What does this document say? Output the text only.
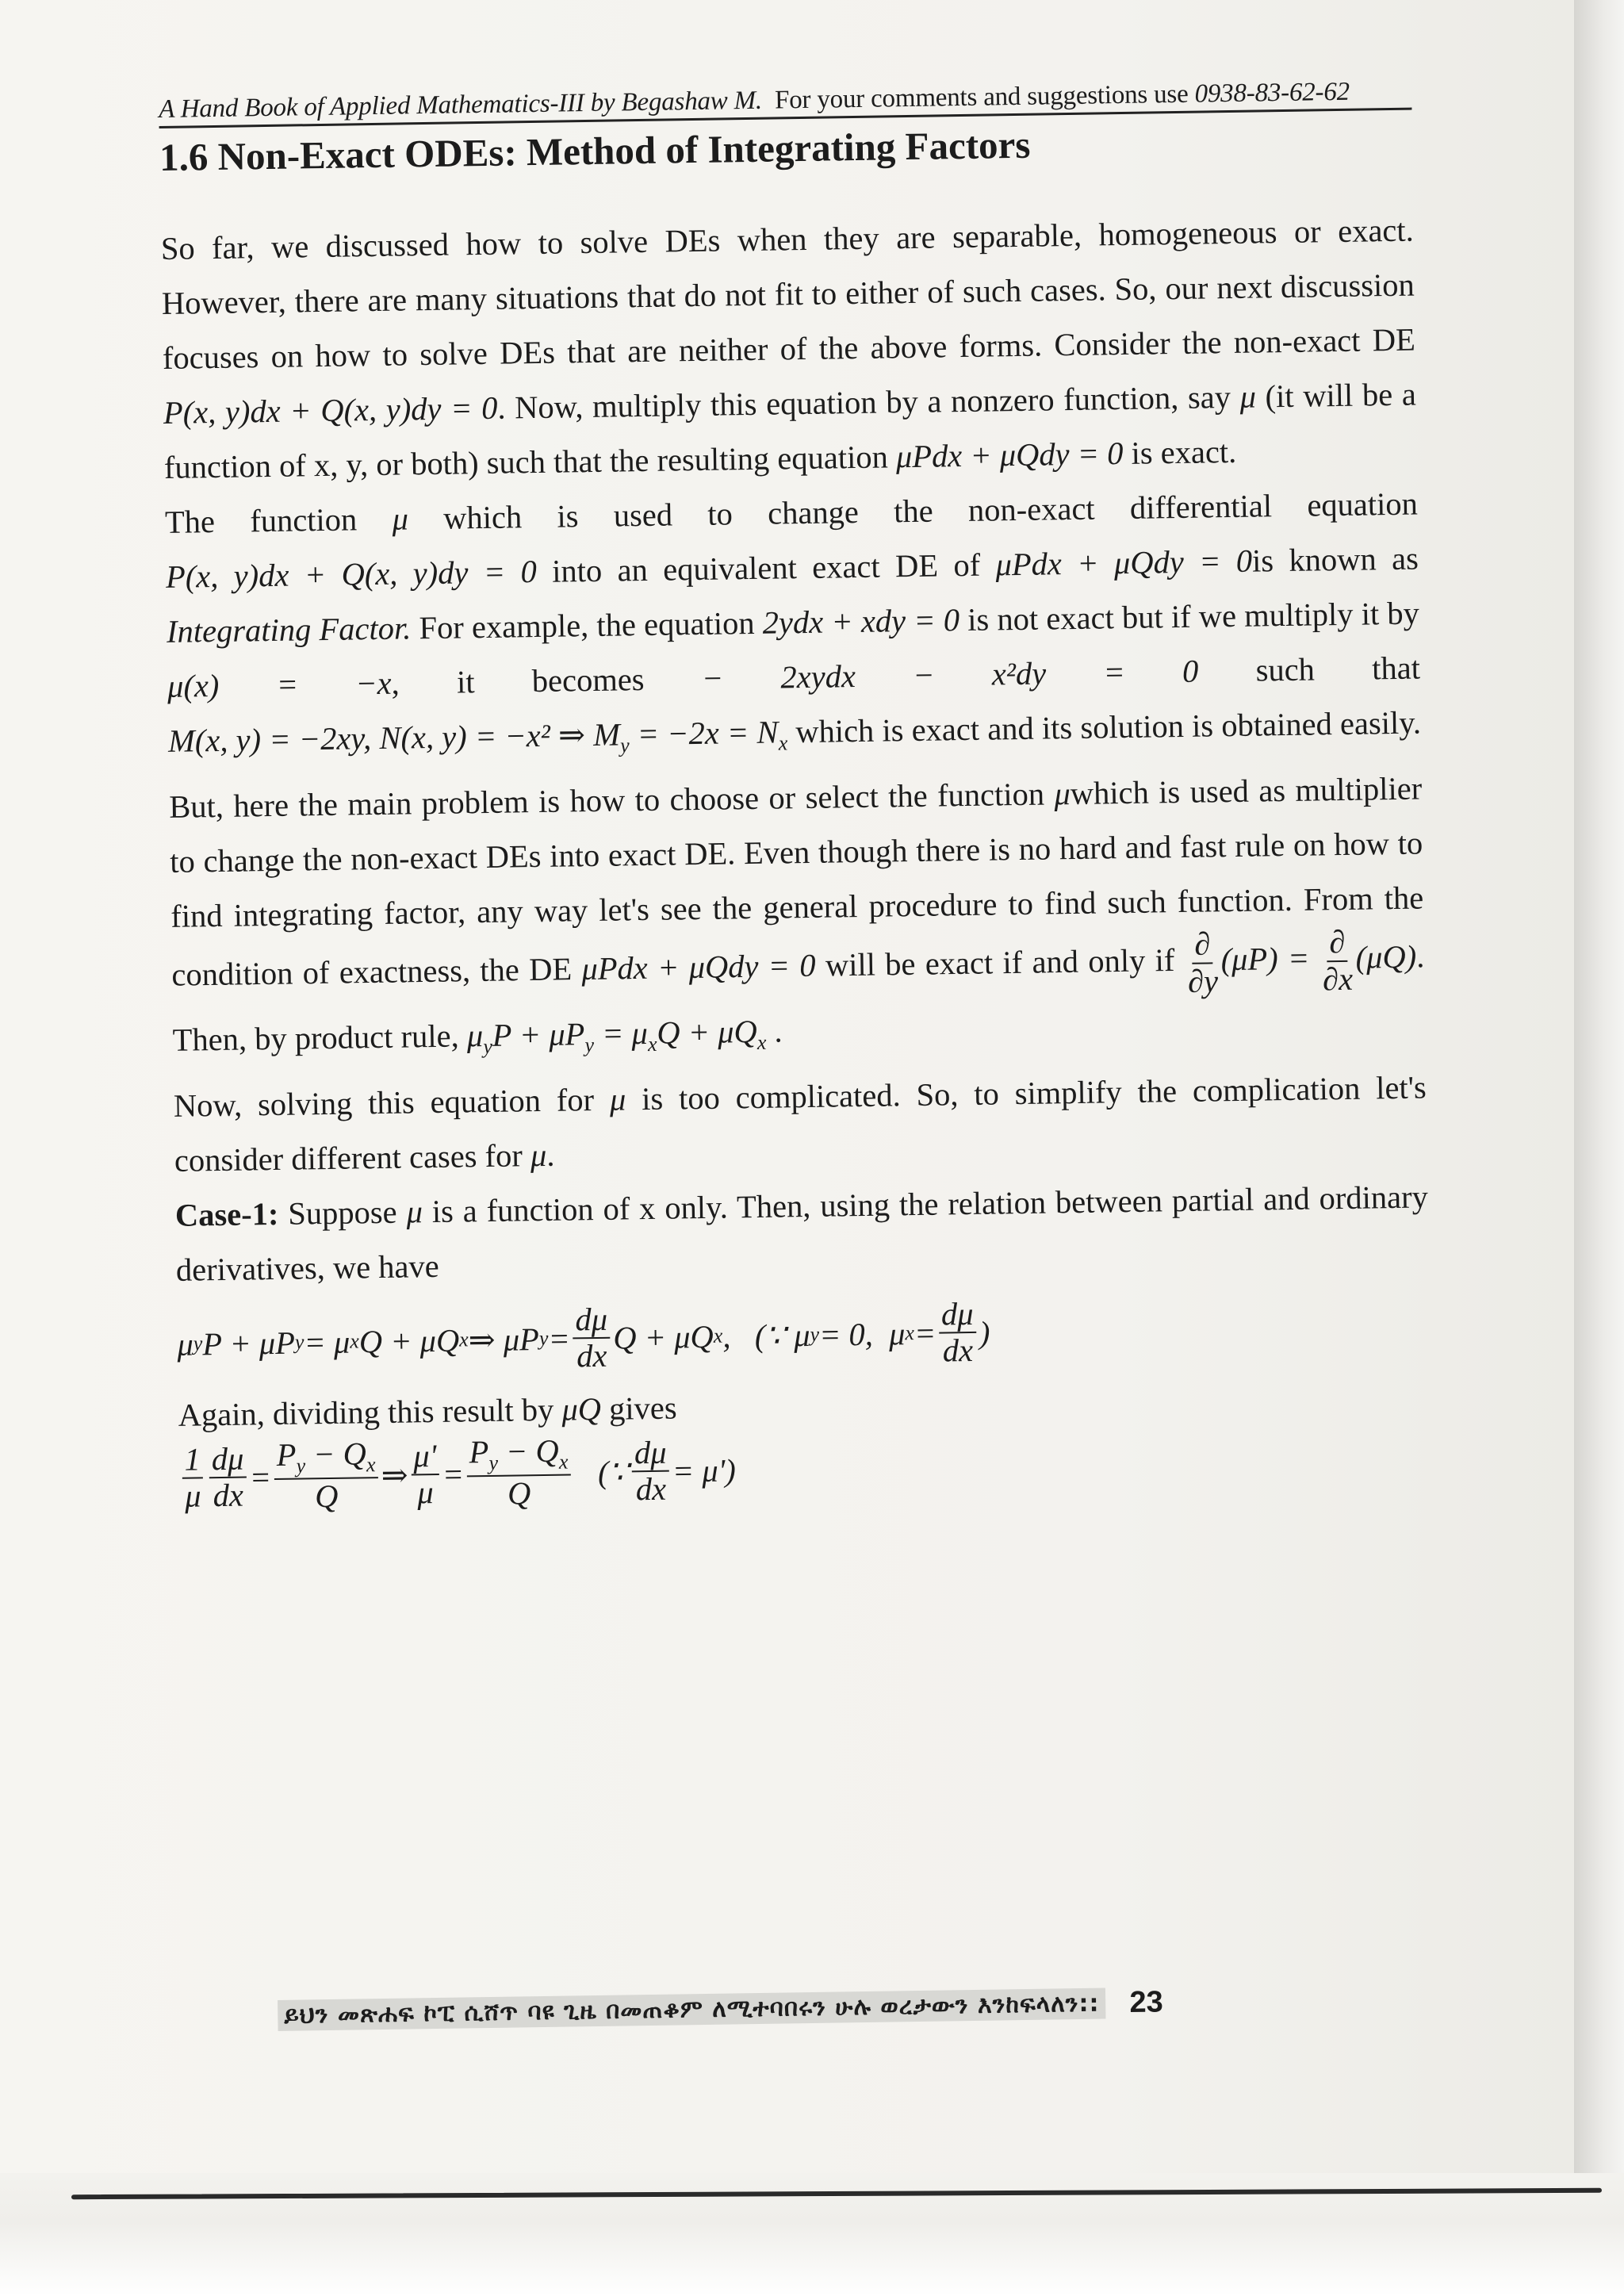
A Hand Book of Applied Mathematics-III by Begashaw M. For your comments and suggestions use 0938-83-62-62
1.6 Non-Exact ODEs: Method of Integrating Factors

So far, we discussed how to solve DEs when they are separable, homogeneous or exact. However, there are many situations that do not fit to either of such cases. So, our next discussion focuses on how to solve DEs that are neither of the above forms. Consider the non-exact DE P(x, y)dx + Q(x, y)dy = 0. Now, multiply this equation by a nonzero function, say μ (it will be a function of x, y, or both) such that the resulting equation μPdx + μQdy = 0 is exact.

The function μ which is used to change the non-exact differential equation P(x, y)dx + Q(x, y)dy = 0 into an equivalent exact DE of μPdx + μQdy = 0is known as Integrating Factor. For example, the equation 2ydx + xdy = 0 is not exact but if we multiply it by μ(x) = −x, it becomes − 2xydx − x²dy = 0 such that M(x, y) = −2xy, N(x, y) = −x² ⇒ $M_y = -2x = N_x$ which is exact and its solution is obtained easily. But, here the main problem is how to choose or select the function μwhich is used as multiplier to change the non-exact DEs into exact DE. Even though there is no hard and fast rule on how to find integrating factor, any way let's see the general procedure to find such function. From the condition of exactness, the DE μPdx + μQdy = 0 will be exact if and only if $\frac{\partial}{\partial y} (\mu P) = \frac{\partial}{\partial x} (\mu Q)$. Then, by product rule, $\mu_yP + \mu P_y = \mu_xQ + \mu Q_x$ .

Now, solving this equation for μ is too complicated. So, to simplify the complication let's consider different cases for μ.

Case-1: Suppose μ is a function of x only. Then, using the relation between partial and ordinary derivatives, we have

μ y P + μP y = μ x Q + μQ x ⇒ μP $y = \frac{d\mu}{dx}$ Q + μQ x ,   (∵ μ y = 0,  μ $x = \frac{d\mu}{dx}$ )

Again, dividing this result by μQ gives

$\frac{1}{\mu} \frac{d\mu}{dx} = \frac{P_y - Q_x}{Q}$ ⇒ $\frac{\mu'}{\mu} = \frac{P_y - Q_x}{Q}$ (∵ $\frac{d\mu}{dx} = \mu'$)
ይህን መጽሐፍ ኮፒ ሲሸጥ ባዩ ጊዜ በመጠቆም ለሚተባበሩን ሁሉ ወረታውን እንከፍላለን:: 23
